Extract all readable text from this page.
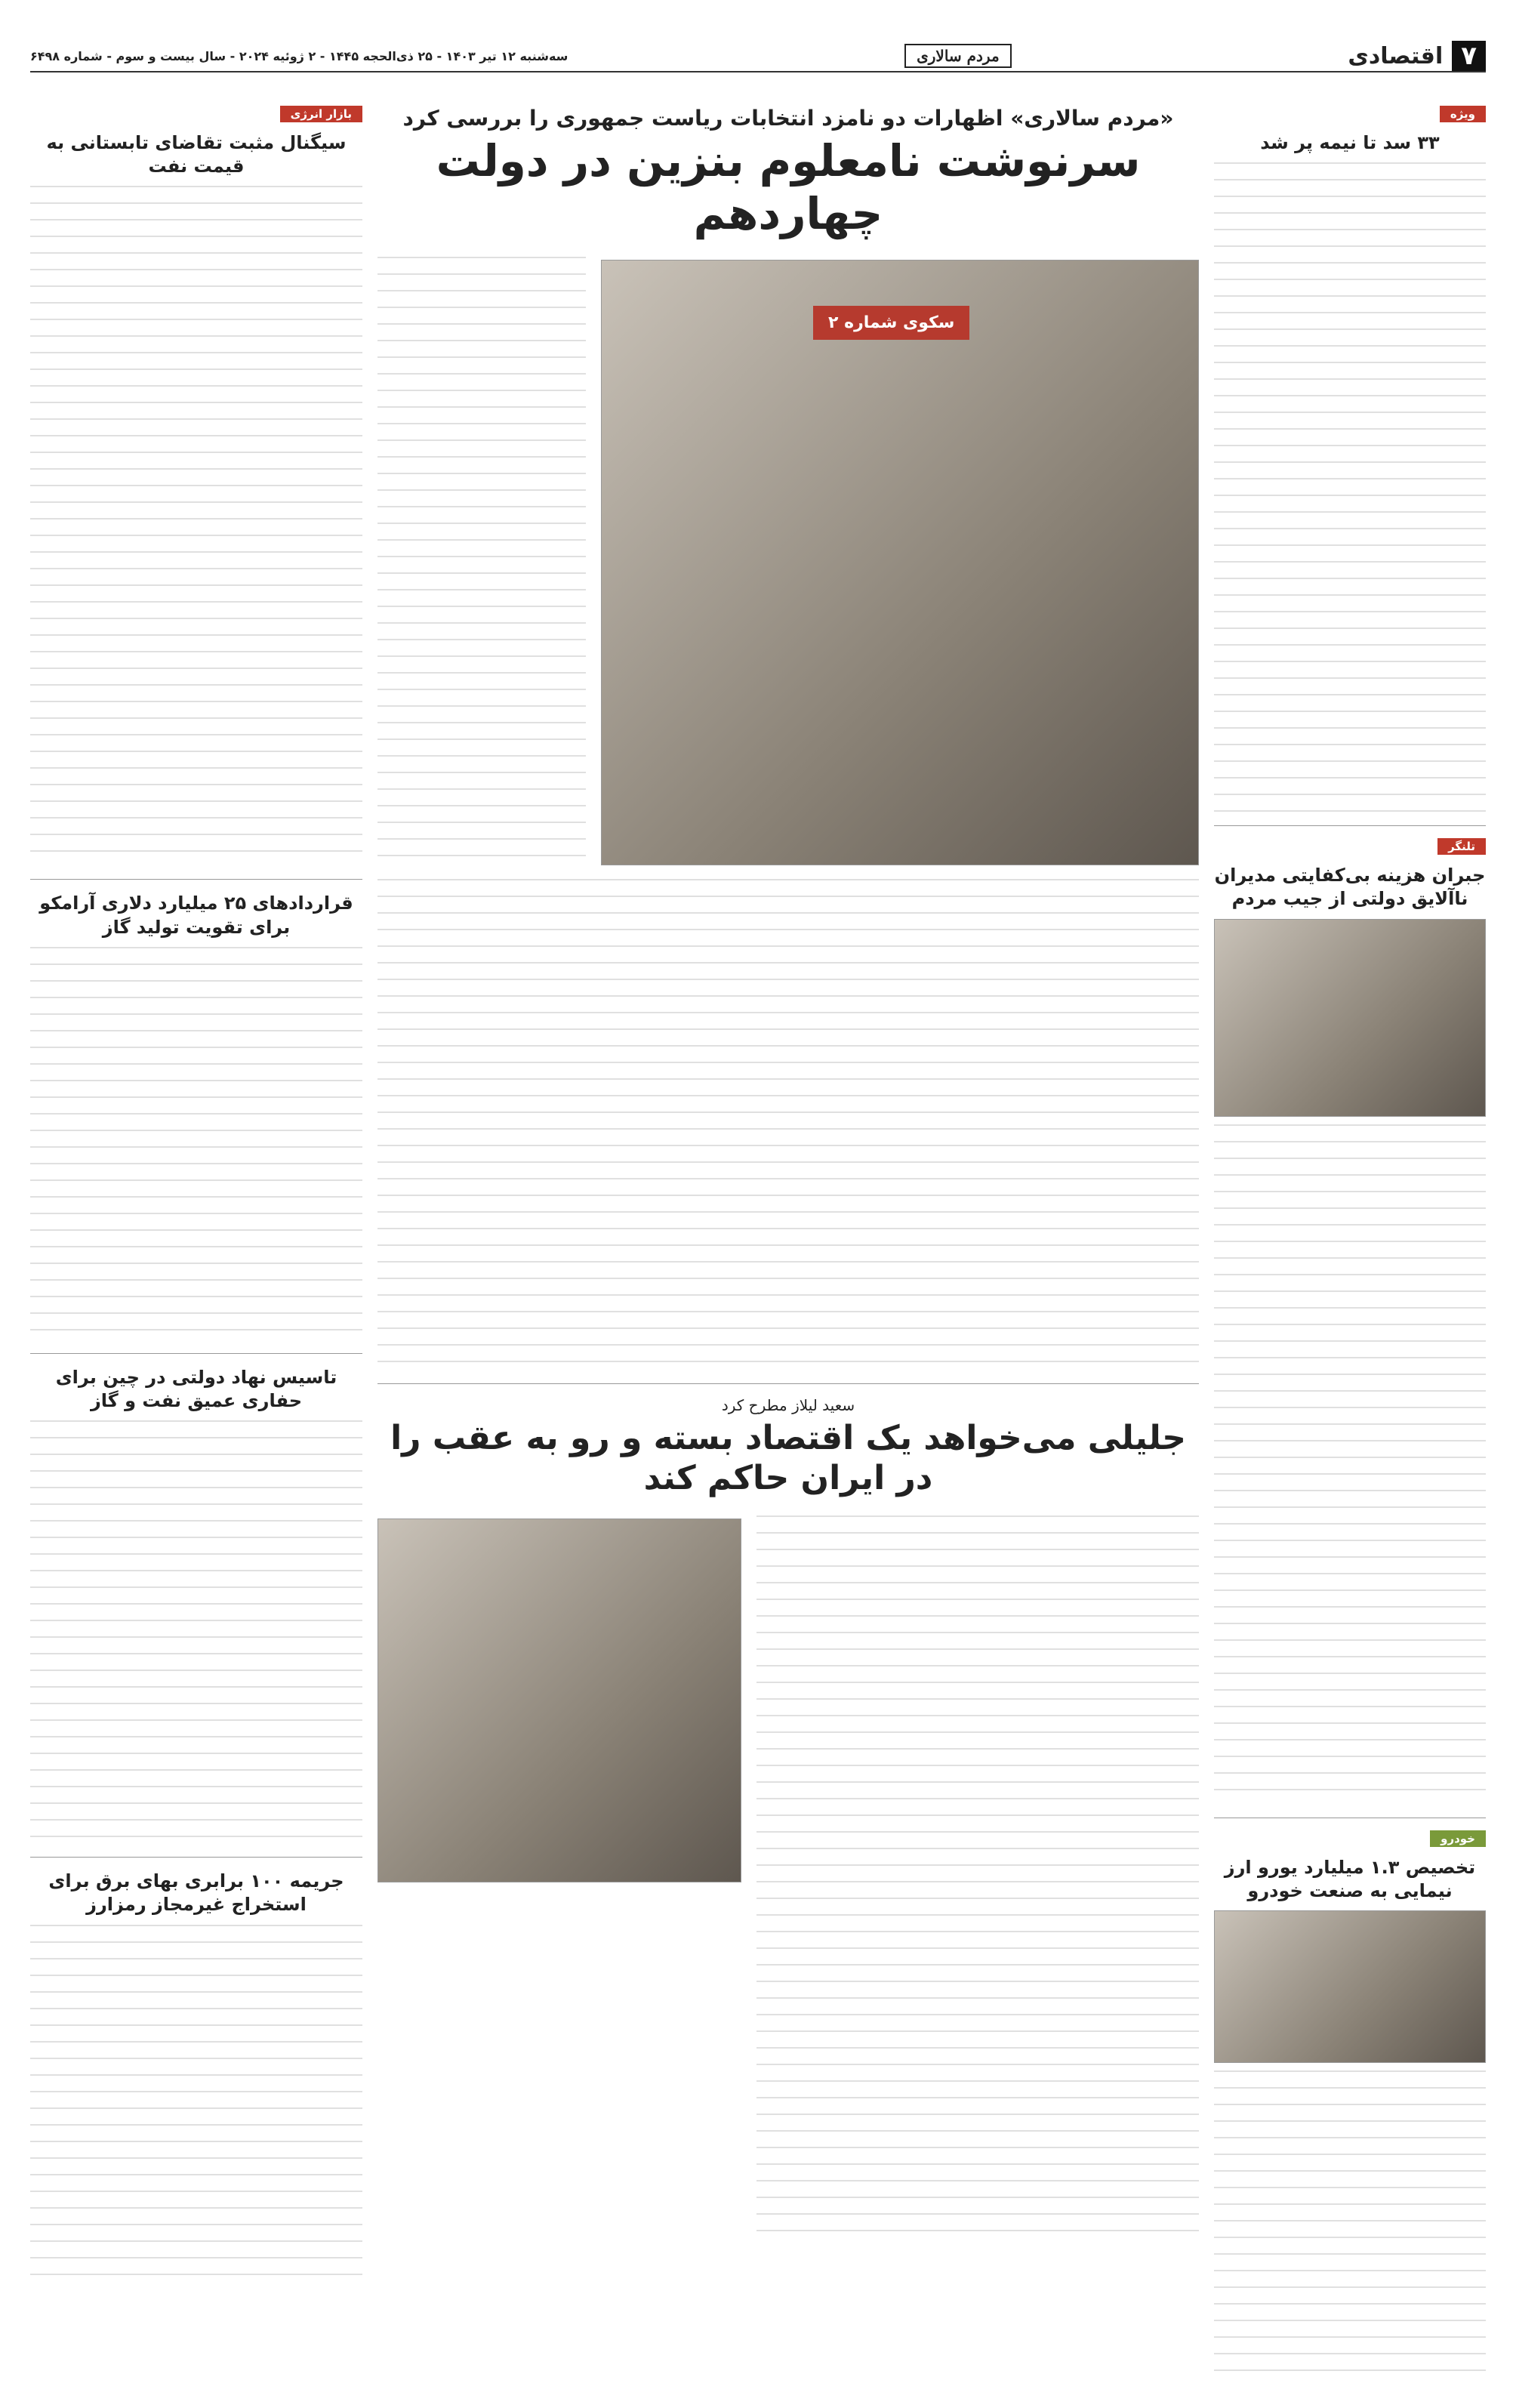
۷
اقتصادی
مردم سالاری
سه‌شنبه ۱۲ تیر ۱۴۰۳ - ۲۵ ذی‌الحجه ۱۴۴۵ - ۲ ژوئیه ۲۰۲۴ - سال بیست و سوم - شماره ۶۴۹۸
ویژه
۳۳ سد تا نیمه پر شد
تلنگر
جبران هزینه بی‌کفایتی مدیران ناآلایق دولتی از جیب مردم
خودرو
تخصیص ۱.۳ میلیارد یورو ارز نیمایی به صنعت خودرو
«مردم سالاری» اظهارات دو نامزد انتخابات ریاست جمهوری را بررسی کرد
سرنوشت نامعلوم بنزین در دولت چهاردهم
سکوی شماره ۲
سعید لیلاز مطرح کرد
جلیلی می‌خواهد یک اقتصاد بسته و رو به عقب را در ایران حاکم کند
بازار انرژی
سیگنال مثبت تقاضای تابستانی به قیمت نفت
قراردادهای ۲۵ میلیارد دلاری آرامکو برای تقویت تولید گاز
تاسیس نهاد دولتی در چین برای حفاری عمیق نفت و گاز
جریمه ۱۰۰ برابری بهای برق برای استخراج غیرمجاز رمزارز
